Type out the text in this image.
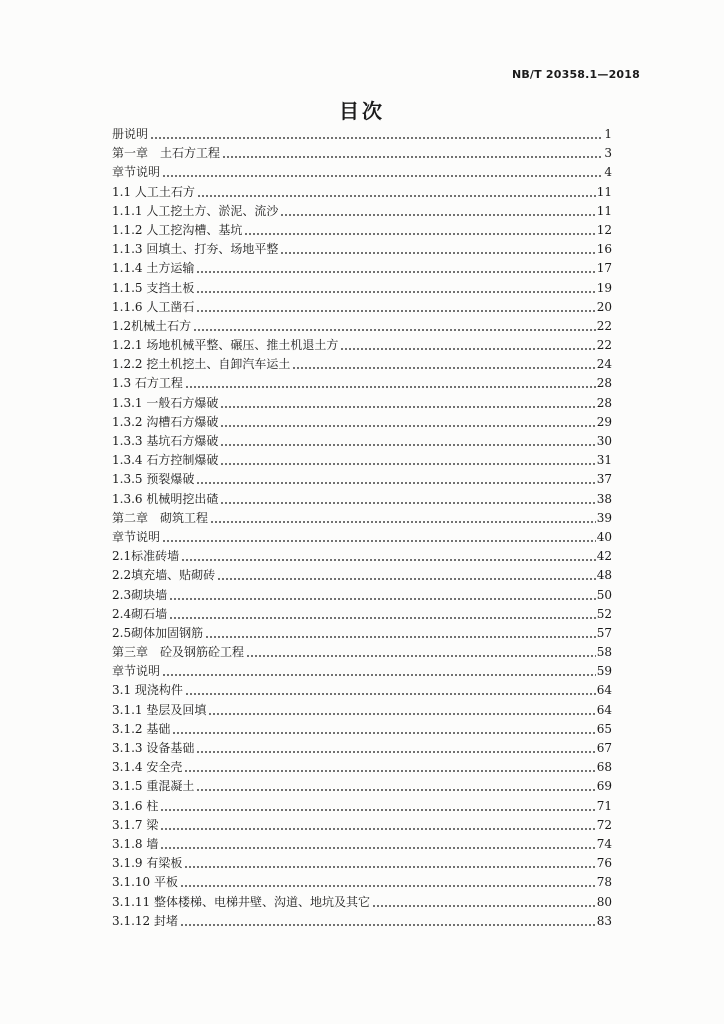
NB/T 20358.1—2018
目次
册说明	1
第一章　土石方工程	3
章节说明	4
1.1 人工土石方	11
1.1.1 人工挖土方、淤泥、流沙	11
1.1.2 人工挖沟槽、基坑	12
1.1.3 回填土、打夯、场地平整	16
1.1.4 土方运输	17
1.1.5 支挡土板	19
1.1.6 人工凿石	20
1.2机械土石方	22
1.2.1 场地机械平整、碾压、推土机退土方	22
1.2.2 挖土机挖土、自卸汽车运土	24
1.3 石方工程	28
1.3.1 一般石方爆破	28
1.3.2 沟槽石方爆破	29
1.3.3 基坑石方爆破	30
1.3.4 石方控制爆破	31
1.3.5 预裂爆破	37
1.3.6 机械明挖出碴	38
第二章　砌筑工程	39
章节说明	40
2.1标准砖墙	42
2.2填充墙、贴砌砖	48
2.3砌块墙	50
2.4砌石墙	52
2.5砌体加固钢筋	57
第三章　砼及钢筋砼工程	58
章节说明	59
3.1 现浇构件	64
3.1.1 垫层及回填	64
3.1.2 基础	65
3.1.3 设备基础	67
3.1.4 安全壳	68
3.1.5 重混凝土	69
3.1.6 柱	71
3.1.7 梁	72
3.1.8 墙	74
3.1.9 有梁板	76
3.1.10 平板	78
3.1.11 整体楼梯、电梯井壁、沟道、地坑及其它	80
3.1.12 封堵	83
